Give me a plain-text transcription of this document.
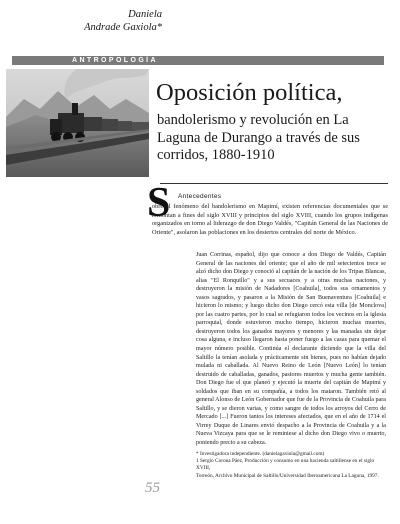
Daniela
Andrade Gaxiola*
ANTROPOLOGÍA
Oposición política,
bandolerismo y revolución en La Laguna de Durango a través de sus corridos, 1880-1910
S Antecedentes

obre el fenómeno del bandolerismo en Mapimí, existen referencias documentales que se remontan a fines del siglo XVIII y principios del siglo XVIII, cuando los grupos indígenas organizados en torno al liderazgo de don Diego Valdés, "Capitán General de las Naciones de Oriente", asolaron las poblaciones en los desiertos centrales del norte de México.

Juan Corrinas, español, dijo que conoce a don Diego de Valdés, Capitán General de las naciones del oriente; que el año de mil setecientos trece se alzó dicho don Diego y conoció al capitán de la nación de los Tripas Blancas, alias "El Ronquillo" y a sus secuaces y a otras muchas naciones, y destruyeron la misión de Nadadores [Coahuila], todos sus ornamentos y vasos sagrados, y pasaron a la Misión de San Buenaventura [Coahuila] e hicieron lo mismo; y luego dicho don Diego cercó esta villa [de Monclova] por las cuatro partes, por lo cual se refugiaron todos los vecinos en la iglesia parroquial, donde estuvieron mucho tiempo, hicieron muchas muertes, destruyeron todos los ganados mayores y menores y las manadas sin dejar cosa alguna, e incluso llegaron hasta poner fuego a las casas para quemar el mayor número posible. Continúa el declarante diciendo que la villa del Saltillo la tenían asolada y prácticamente sin bienes, pues no habían dejado mulada ni caballada. Al Nuevo Reino de León [Nuevo León] lo tenían destruido de caballadas, ganados, pastores muertos y mucha gente también. Don Diego fue el que planeó y ejecutó la muerte del capitán de Mapimí y soldados que iban en su compañía, a todos los mataron. También retó al general Alonso de León Gobernador que fue de la Provincia de Coahuila para Saltillo, y se dieron varias, y como sangre de todos los arroyos del Cerro de Mercado [...] Fueron tantos los intereses afectados, que en el año de 1714 el Virrey Duque de Linares envió despacho a la Provincia de Coahuila y a la Nueva Vizcaya para que se le reminiese al dicho don Diego vivo o muerto, poniendo precio a su cabeza.

* Investigadora independiente. (danielagaxiola@gmail.com)
1 Sergio Corona Páez, Producción y consumo en una hacienda saltillense en el siglo XVIII,
Torreón, Archivo Municipal de Saltillo/Universidad Iberoamericana La Laguna, 1997.
55
